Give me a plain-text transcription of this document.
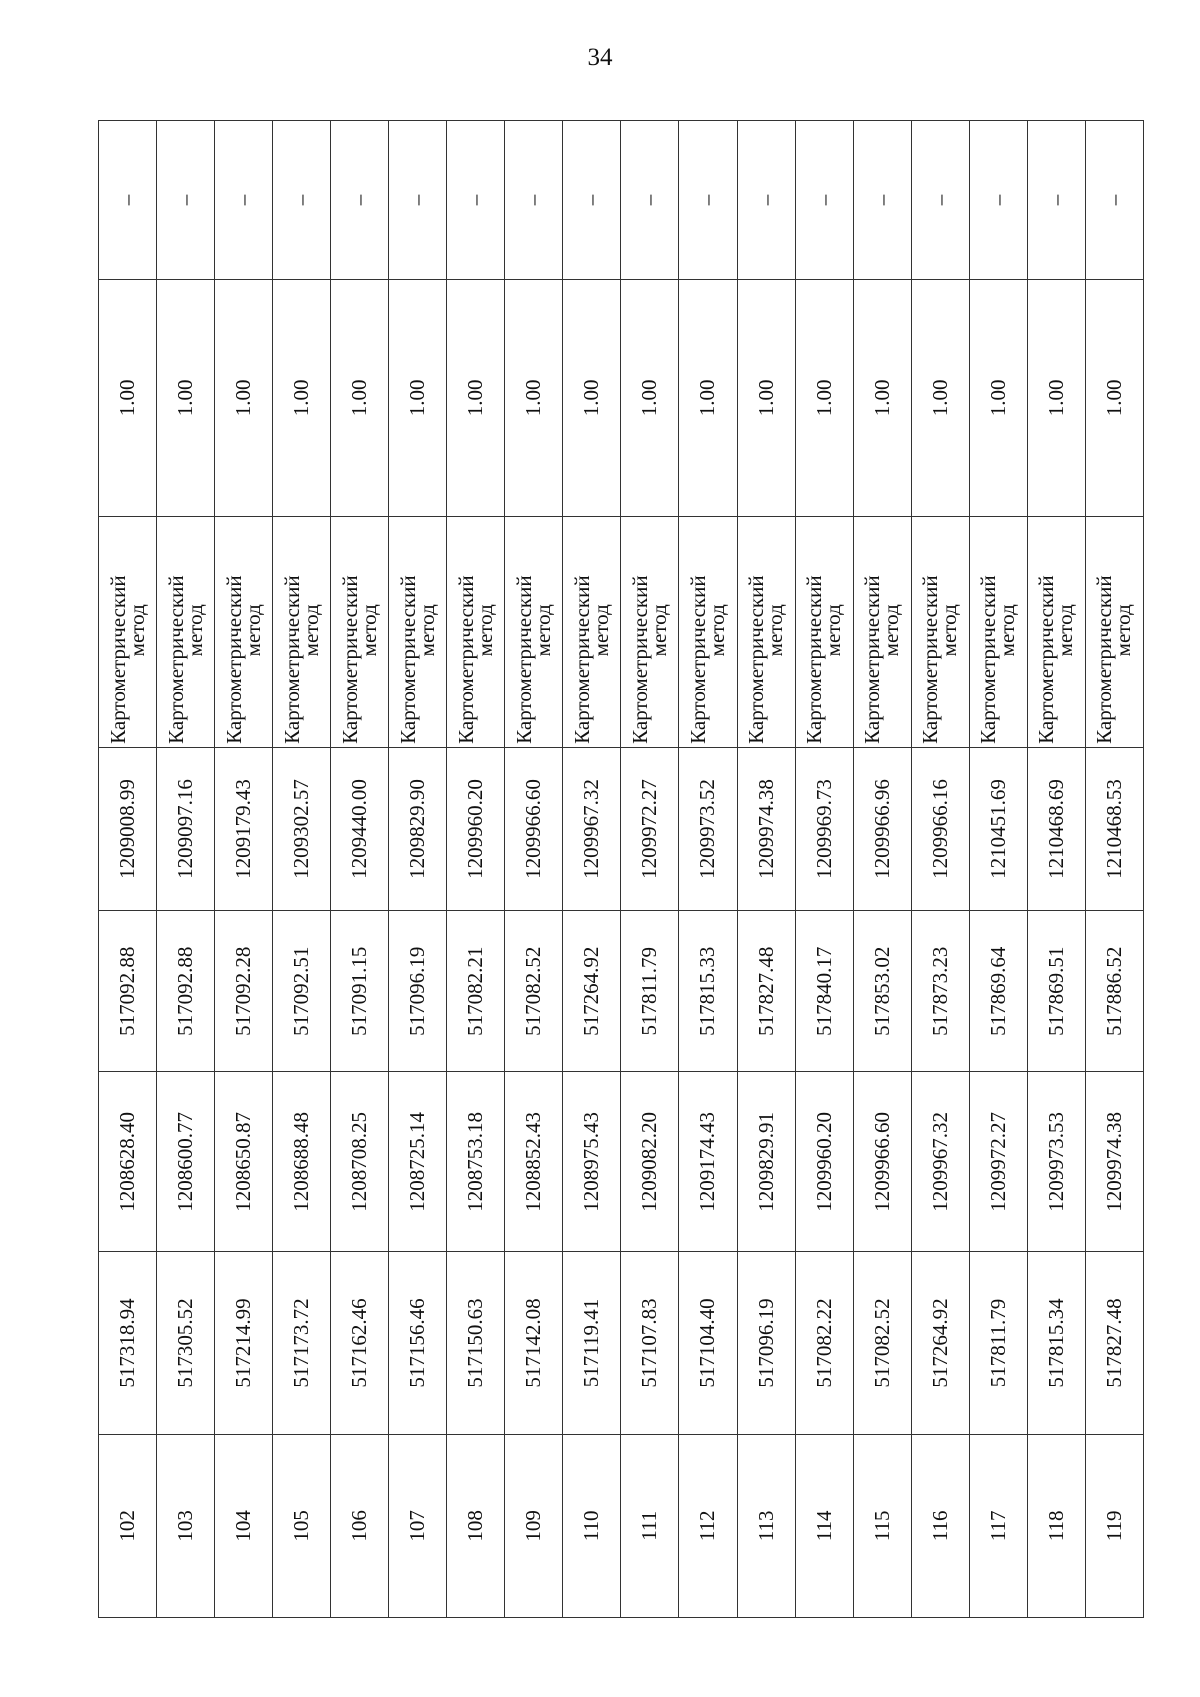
34
102	517318.94	1208628.40	517092.88	1209008.99	Картометрический
метод	1.00	–
103	517305.52	1208600.77	517092.88	1209097.16	Картометрический
метод	1.00	–
104	517214.99	1208650.87	517092.28	1209179.43	Картометрический
метод	1.00	–
105	517173.72	1208688.48	517092.51	1209302.57	Картометрический
метод	1.00	–
106	517162.46	1208708.25	517091.15	1209440.00	Картометрический
метод	1.00	–
107	517156.46	1208725.14	517096.19	1209829.90	Картометрический
метод	1.00	–
108	517150.63	1208753.18	517082.21	1209960.20	Картометрический
метод	1.00	–
109	517142.08	1208852.43	517082.52	1209966.60	Картометрический
метод	1.00	–
110	517119.41	1208975.43	517264.92	1209967.32	Картометрический
метод	1.00	–
111	517107.83	1209082.20	517811.79	1209972.27	Картометрический
метод	1.00	–
112	517104.40	1209174.43	517815.33	1209973.52	Картометрический
метод	1.00	–
113	517096.19	1209829.91	517827.48	1209974.38	Картометрический
метод	1.00	–
114	517082.22	1209960.20	517840.17	1209969.73	Картометрический
метод	1.00	–
115	517082.52	1209966.60	517853.02	1209966.96	Картометрический
метод	1.00	–
116	517264.92	1209967.32	517873.23	1209966.16	Картометрический
метод	1.00	–
117	517811.79	1209972.27	517869.64	1210451.69	Картометрический
метод	1.00	–
118	517815.34	1209973.53	517869.51	1210468.69	Картометрический
метод	1.00	–
119	517827.48	1209974.38	517886.52	1210468.53	Картометрический
метод	1.00	–
